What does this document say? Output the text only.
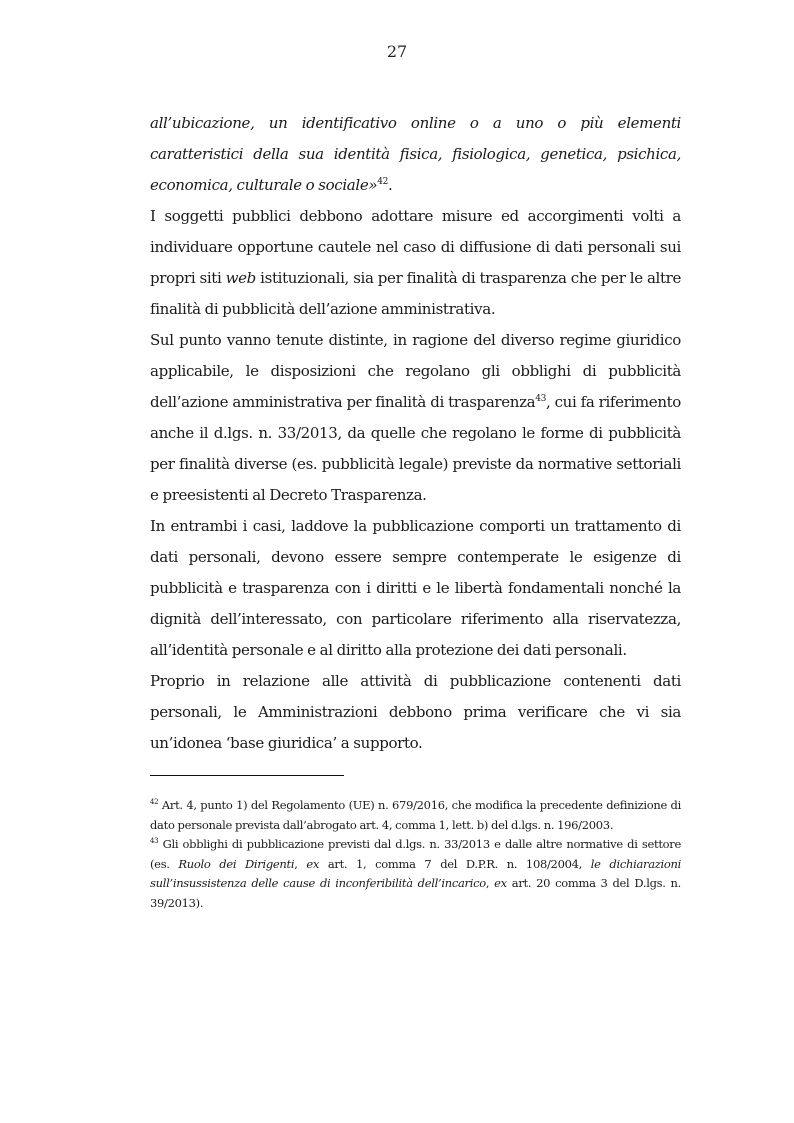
27

all’ubicazione, un identificativo online o a uno o più elementi caratteristici della sua identità fisica, fisiologica, genetica, psichica, economica, culturale o sociale»$^{42}$.

I soggetti pubblici debbono adottare misure ed accorgimenti volti a individuare opportune cautele nel caso di diffusione di dati personali sui propri siti web istituzionali, sia per finalità di trasparenza che per le altre finalità di pubblicità dell’azione amministrativa.

Sul punto vanno tenute distinte, in ragione del diverso regime giuridico applicabile, le disposizioni che regolano gli obblighi di pubblicità dell’azione amministrativa per finalità di trasparenza$^{43}$, cui fa riferimento anche il d.lgs. n. 33/2013, da quelle che regolano le forme di pubblicità per finalità diverse (es. pubblicità legale) previste da normative settoriali e preesistenti al Decreto Trasparenza.

In entrambi i casi, laddove la pubblicazione comporti un trattamento di dati personali, devono essere sempre contemperate le esigenze di pubblicità e trasparenza con i diritti e le libertà fondamentali nonché la dignità dell’interessato, con particolare riferimento alla riservatezza, all’identità personale e al diritto alla protezione dei dati personali.

Proprio in relazione alle attività di pubblicazione contenenti dati personali, le Amministrazioni debbono prima verificare che vi sia un’idonea ‘base giuridica’ a supporto.

$^{42}$ Art. 4, punto 1) del Regolamento (UE) n. 679/2016, che modifica la precedente definizione di dato personale prevista dall’abrogato art. 4, comma 1, lett. b) del d.lgs. n. 196/2003.

$^{43}$ Gli obblighi di pubblicazione previsti dal d.lgs. n. 33/2013 e dalle altre normative di settore (es. Ruolo dei Dirigenti, ex art. 1, comma 7 del D.P.R. n. 108/2004, le dichiarazioni sull’insussistenza delle cause di inconferibilità dell’incarico, ex art. 20 comma 3 del D.lgs. n. 39/2013).
